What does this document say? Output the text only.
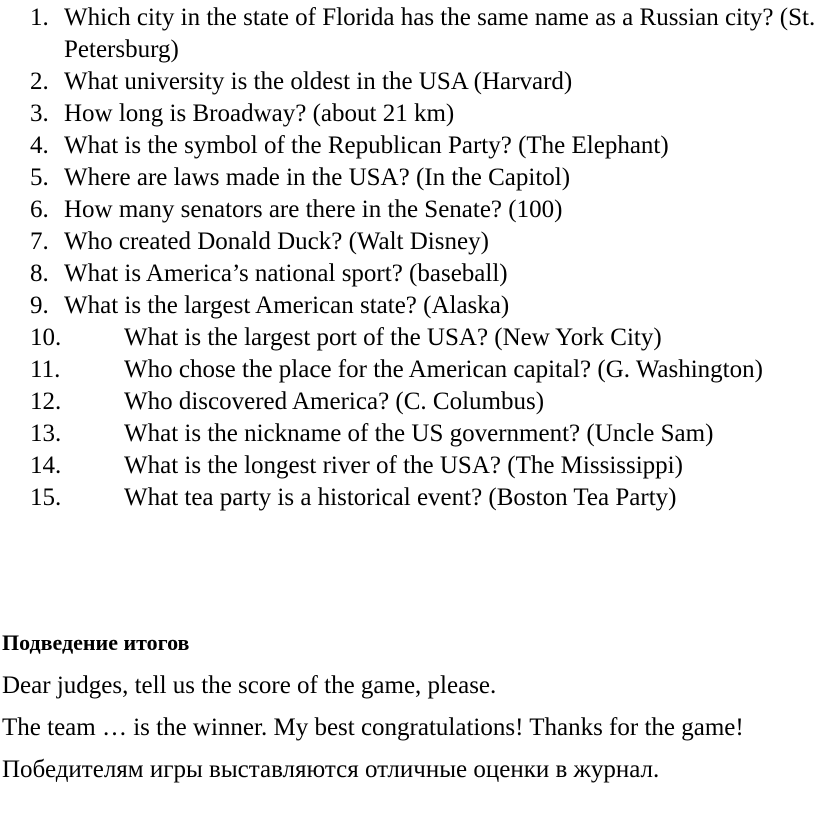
1. Which city in the state of Florida has the same name as a Russian city? (St. Petersburg)
2. What university is the oldest in the USA (Harvard)
3. How long is Broadway? (about 21 km)
4. What is the symbol of the Republican Party? (The Elephant)
5. Where are laws made in the USA? (In the Capitol)
6. How many senators are there in the Senate? (100)
7. Who created Donald Duck? (Walt Disney)
8. What is America’s national sport? (baseball)
9. What is the largest American state? (Alaska)
10.	What is the largest port of the USA? (New York City)
11.	Who chose the place for the American capital? (G. Washington)
12.	Who discovered America? (C. Columbus)
13.	What is the nickname of the US government? (Uncle Sam)
14.	What is the longest river of the USA? (The Mississippi)
15.	What tea party is a historical event? (Boston Tea Party)
Подведение итогов

Dear judges, tell us the score of the game, please.

The team … is the winner. My best congratulations! Thanks for the game!

Победителям игры выставляются отличные оценки в журнал.
